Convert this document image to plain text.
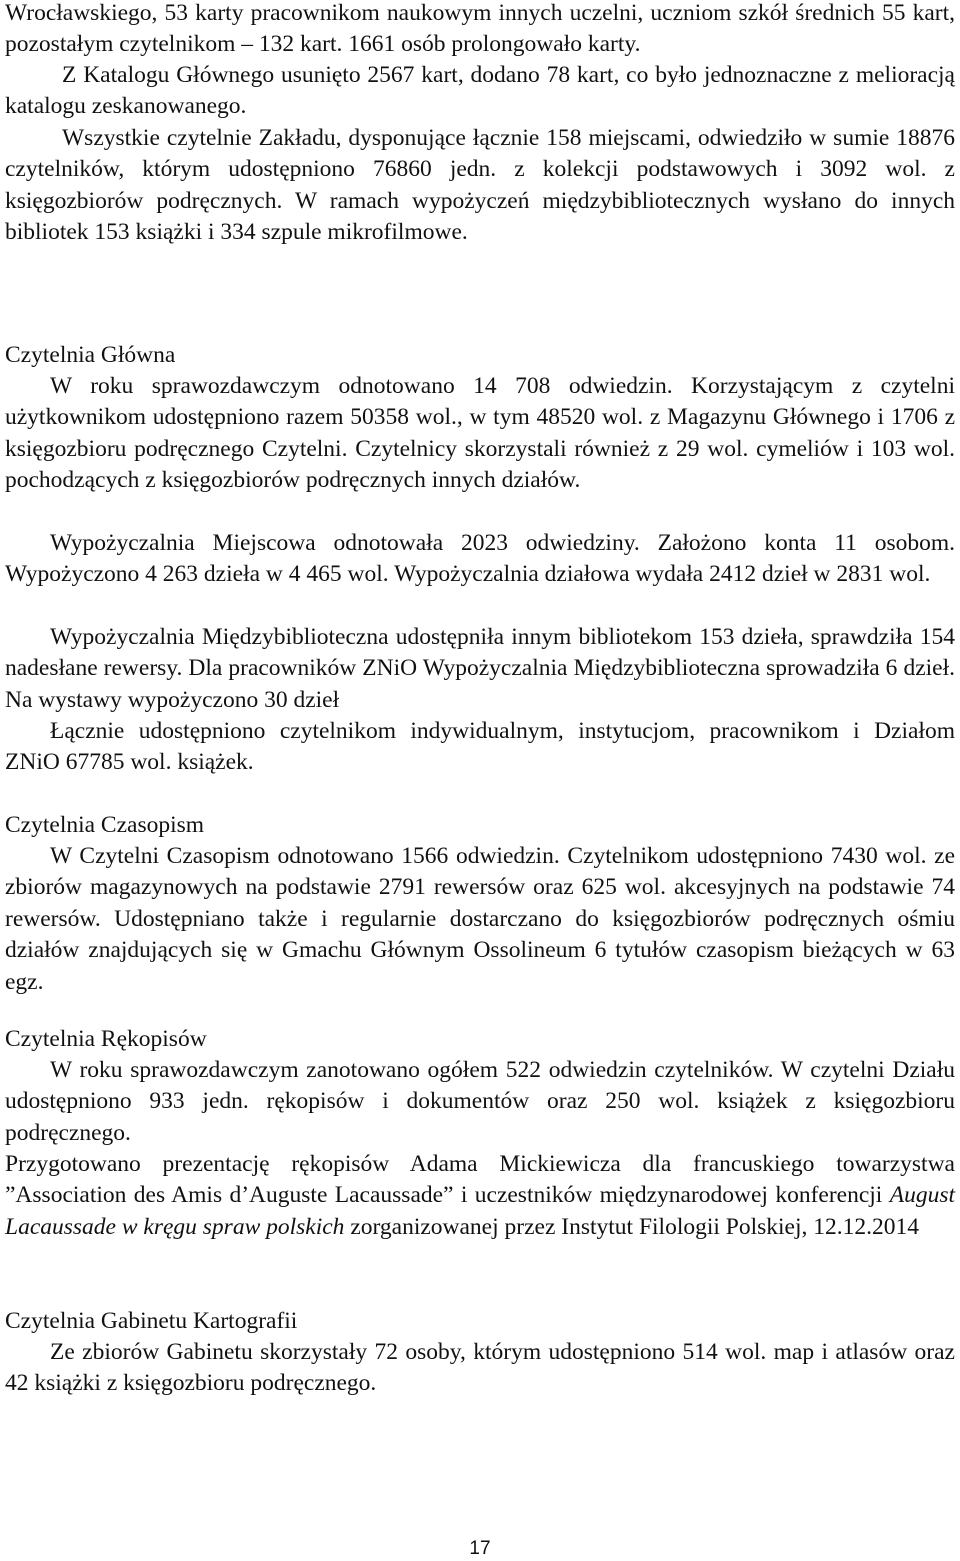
Wrocławskiego, 53 karty pracownikom naukowym innych uczelni, uczniom szkół średnich 55 kart, pozostałym czytelnikom – 132 kart. 1661 osób prolongowało karty.

Z Katalogu Głównego usunięto 2567 kart, dodano 78 kart, co było jednoznaczne z melioracją katalogu zeskanowanego.

Wszystkie czytelnie Zakładu, dysponujące łącznie 158 miejscami, odwiedziło w sumie 18876 czytelników, którym udostępniono 76860 jedn. z kolekcji podstawowych i 3092 wol. z księgozbiorów podręcznych. W ramach wypożyczeń międzybibliotecznych wysłano do innych bibliotek 153 książki i 334 szpule mikrofilmowe.

Czytelnia Główna

W roku sprawozdawczym odnotowano 14 708 odwiedzin. Korzystającym z czytelni użytkownikom udostępniono razem 50358 wol., w tym 48520 wol. z Magazynu Głównego i 1706 z księgozbioru podręcznego Czytelni. Czytelnicy skorzystali również z 29 wol. cymeliów i 103 wol. pochodzących z księgozbiorów podręcznych innych działów.

Wypożyczalnia Miejscowa odnotowała 2023 odwiedziny. Założono konta 11 osobom. Wypożyczono 4 263 dzieła w 4 465 wol. Wypożyczalnia działowa wydała 2412 dzieł w 2831 wol.

Wypożyczalnia Międzybiblioteczna udostępniła innym bibliotekom 153 dzieła, sprawdziła 154 nadesłane rewersy. Dla pracowników ZNiO Wypożyczalnia Międzybiblioteczna sprowadziła 6 dzieł. Na wystawy wypożyczono 30 dzieł

Łącznie udostępniono czytelnikom indywidualnym, instytucjom, pracownikom i Działom ZNiO 67785 wol. książek.

Czytelnia Czasopism

W Czytelni Czasopism odnotowano 1566 odwiedzin. Czytelnikom udostępniono 7430 wol. ze zbiorów magazynowych na podstawie 2791 rewersów oraz 625 wol. akcesyjnych na podstawie 74 rewersów. Udostępniano także i regularnie dostarczano do księgozbiorów podręcznych ośmiu działów znajdujących się w Gmachu Głównym Ossolineum 6 tytułów czasopism bieżących w 63 egz.

Czytelnia Rękopisów

W roku sprawozdawczym zanotowano ogółem 522 odwiedzin czytelników. W czytelni Działu udostępniono 933 jedn. rękopisów i dokumentów oraz 250 wol. książek z księgozbioru podręcznego.

Przygotowano prezentację rękopisów Adama Mickiewicza dla francuskiego towarzystwa ”Association des Amis d’Auguste Lacaussade” i uczestników międzynarodowej konferencji August Lacaussade w kręgu spraw polskich zorganizowanej przez Instytut Filologii Polskiej, 12.12.2014

Czytelnia Gabinetu Kartografii

Ze zbiorów Gabinetu skorzystały 72 osoby, którym udostępniono 514 wol. map i atlasów oraz 42 książki z księgozbioru podręcznego.

17
